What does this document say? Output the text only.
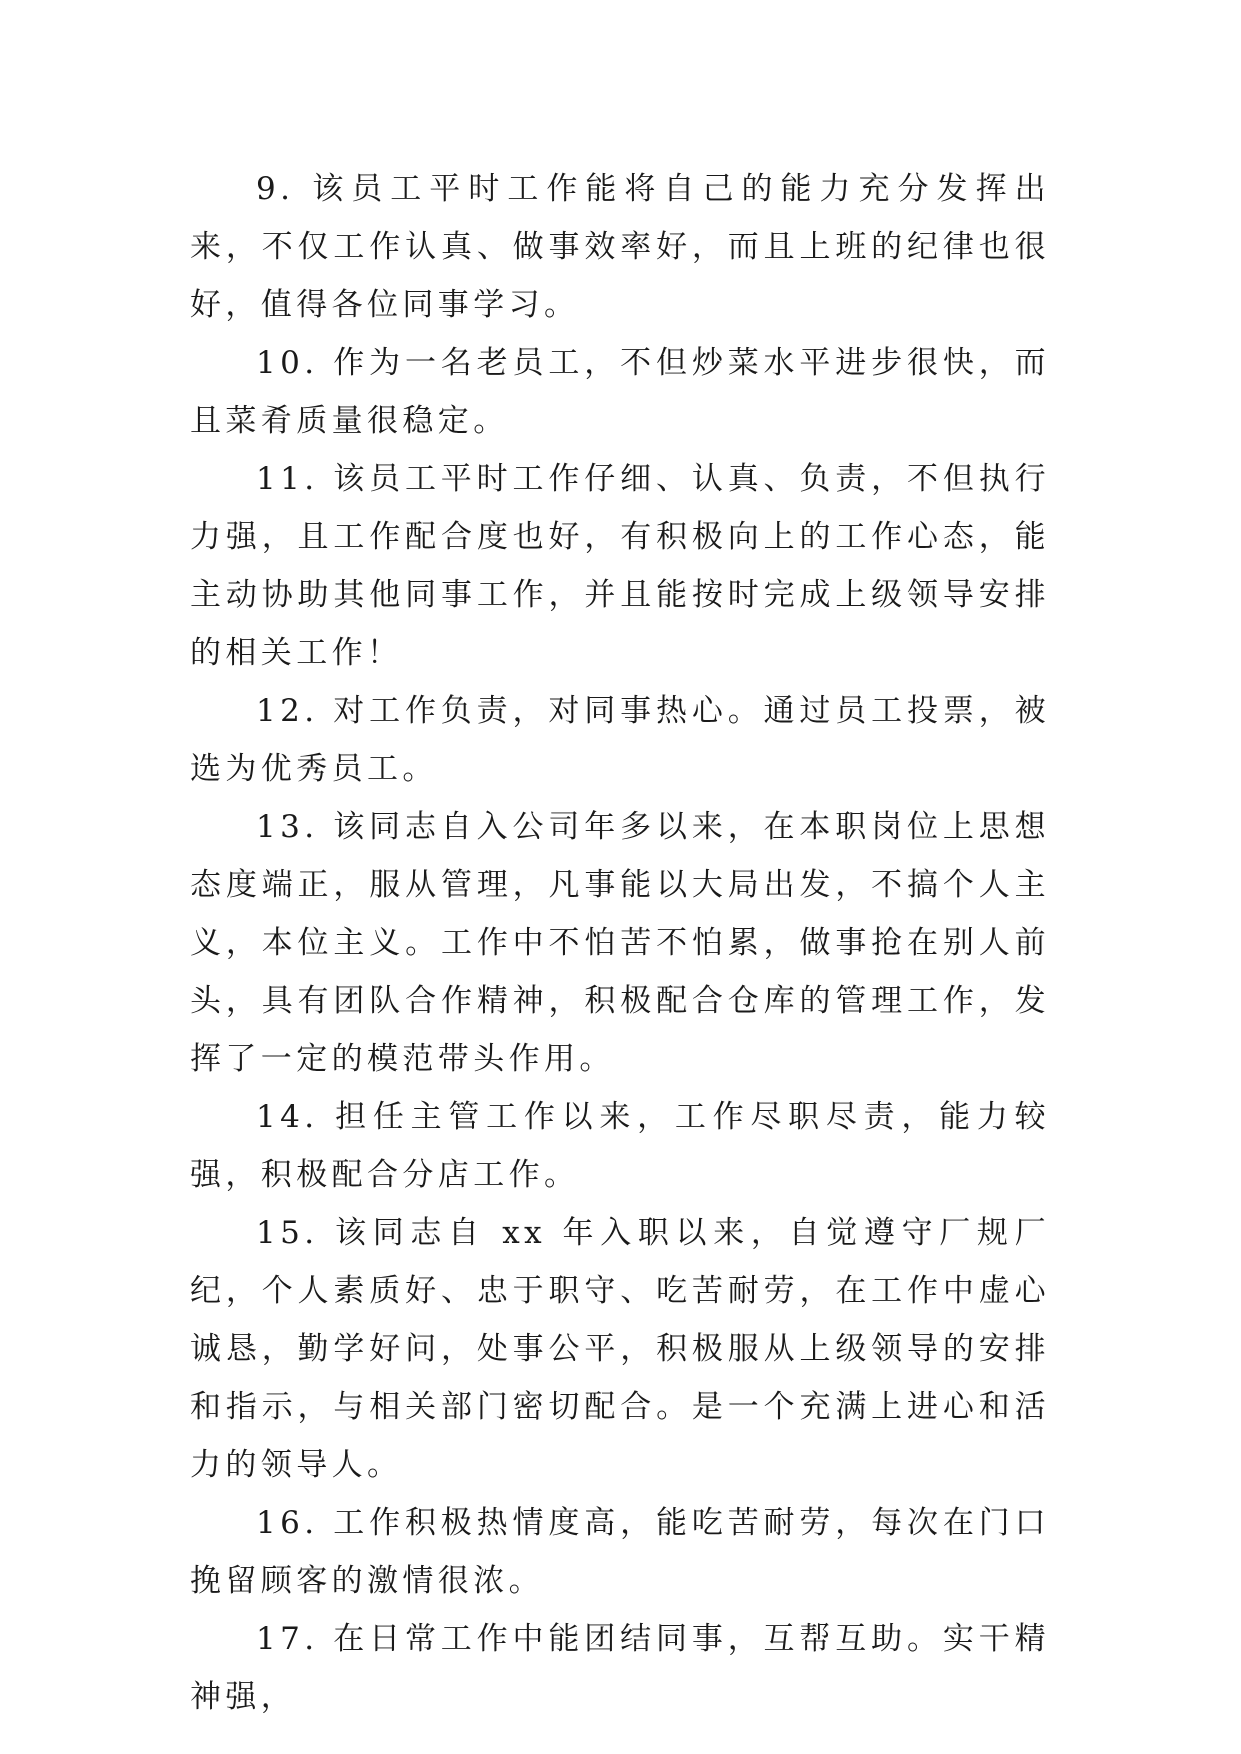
9. 该员工平时工作能将自己的能力充分发挥出来，不仅工作认真、做事效率好，而且上班的纪律也很好，值得各位同事学习。

10. 作为一名老员工，不但炒菜水平进步很快，而且菜肴质量很稳定。

11. 该员工平时工作仔细、认真、负责，不但执行力强，且工作配合度也好，有积极向上的工作心态，能主动协助其他同事工作，并且能按时完成上级领导安排的相关工作！

12. 对工作负责，对同事热心。通过员工投票，被选为优秀员工。

13. 该同志自入公司年多以来，在本职岗位上思想态度端正，服从管理，凡事能以大局出发，不搞个人主义，本位主义。工作中不怕苦不怕累，做事抢在别人前头，具有团队合作精神，积极配合仓库的管理工作，发挥了一定的模范带头作用。

14. 担任主管工作以来，工作尽职尽责，能力较强，积极配合分店工作。

15. 该同志自 xx 年入职以来，自觉遵守厂规厂纪，个人素质好、忠于职守、吃苦耐劳，在工作中虚心诚恳，勤学好问，处事公平，积极服从上级领导的安排和指示，与相关部门密切配合。是一个充满上进心和活力的领导人。

16. 工作积极热情度高，能吃苦耐劳，每次在门口挽留顾客的激情很浓。

17. 在日常工作中能团结同事，互帮互助。实干精神强，
